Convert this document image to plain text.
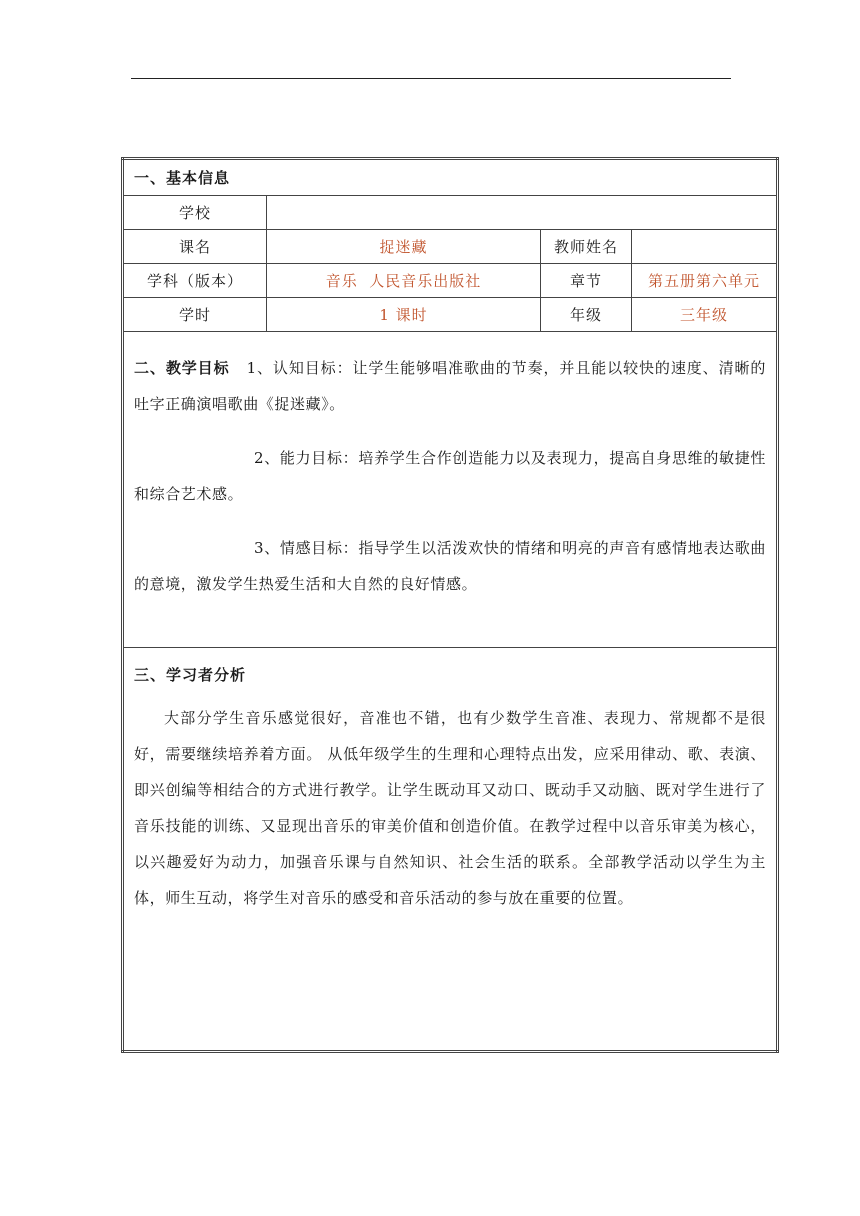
一、基本信息			
学校			
课名	捉迷藏	教师姓名	
学科（版本）	音乐  人民音乐出版社	章节	第五册第六单元
学时	1 课时	年级	三年级

二、教学目标 1、认知目标：让学生能够唱准歌曲的节奏，并且能以较快的速度、清晰的吐字正确演唱歌曲《捉迷藏》。

2、能力目标：培养学生合作创造能力以及表现力，提高自身思维的敏捷性和综合艺术感。

3、情感目标：指导学生以活泼欢快的情绪和明亮的声音有感情地表达歌曲的意境，激发学生热爱生活和大自然的良好情感。			

三、学习者分析

大部分学生音乐感觉很好，音准也不错，也有少数学生音准、表现力、常规都不是很好，需要继续培养着方面。 从低年级学生的生理和心理特点出发，应采用律动、歌、表演、即兴创编等相结合的方式进行教学。让学生既动耳又动口、既动手又动脑、既对学生进行了音乐技能的训练、又显现出音乐的审美价值和创造价值。在教学过程中以音乐审美为核心，以兴趣爱好为动力，加强音乐课与自然知识、社会生活的联系。全部教学活动以学生为主体，师生互动，将学生对音乐的感受和音乐活动的参与放在重要的位置。			
